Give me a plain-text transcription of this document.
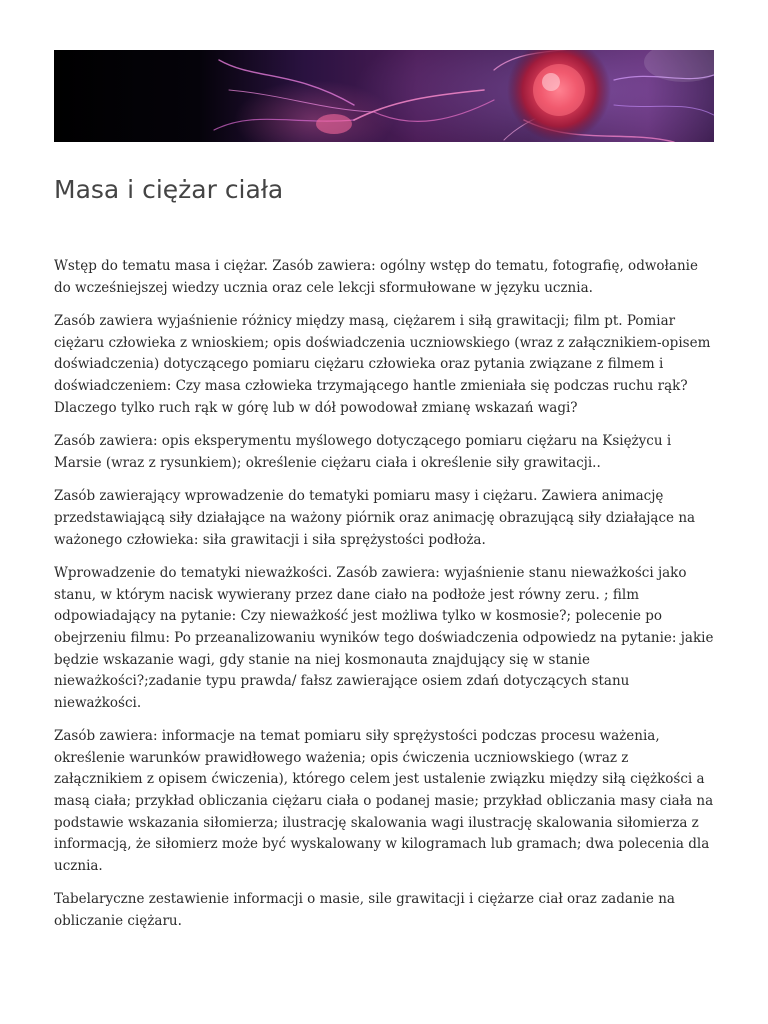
Masa i ciężar ciała

Wstęp do tematu masa i ciężar. Zasób zawiera: ogólny wstęp do tematu, fotografię, odwołanie do wcześniejszej wiedzy ucznia oraz cele lekcji sformułowane w języku ucznia.

Zasób zawiera wyjaśnienie różnicy między masą, ciężarem i siłą grawitacji; film pt. Pomiar ciężaru człowieka z wnioskiem; opis doświadczenia uczniowskiego (wraz z załącznikiem-opisem doświadczenia) dotyczącego pomiaru ciężaru człowieka oraz pytania związane z filmem i doświadczeniem: Czy masa człowieka trzymającego hantle zmieniała się podczas ruchu rąk? Dlaczego tylko ruch rąk w górę lub w dół powodował zmianę wskazań wagi?

Zasób zawiera: opis eksperymentu myślowego dotyczącego pomiaru ciężaru na Księżycu i Marsie (wraz z rysunkiem); określenie ciężaru ciała i określenie siły grawitacji..

Zasób zawierający wprowadzenie do tematyki pomiaru masy i ciężaru. Zawiera animację przedstawiającą siły działające na ważony piórnik oraz animację obrazującą siły działające na ważonego człowieka: siła grawitacji i siła sprężystości podłoża.

Wprowadzenie do tematyki nieważkości. Zasób zawiera: wyjaśnienie stanu nieważkości jako stanu, w którym nacisk wywierany przez dane ciało na podłoże jest równy zeru. ; film odpowiadający na pytanie: Czy nieważkość jest możliwa tylko w kosmosie?; polecenie po obejrzeniu filmu: Po przeanalizowaniu wyników tego doświadczenia odpowiedz na pytanie: jakie będzie wskazanie wagi, gdy stanie na niej kosmonauta znajdujący się w stanie nieważkości?;zadanie typu prawda/ fałsz zawierające osiem zdań dotyczących stanu nieważkości.

Zasób zawiera: informacje na temat pomiaru siły sprężystości podczas procesu ważenia, określenie warunków prawidłowego ważenia; opis ćwiczenia uczniowskiego (wraz z załącznikiem z opisem ćwiczenia), którego celem jest ustalenie związku między siłą ciężkości a masą ciała; przykład obliczania ciężaru ciała o podanej masie; przykład obliczania masy ciała na podstawie wskazania siłomierza; ilustrację skalowania wagi ilustrację skalowania siłomierza z informacją, że siłomierz może być wyskalowany w kilogramach lub gramach; dwa polecenia dla ucznia.

Tabelaryczne zestawienie informacji o masie, sile grawitacji i ciężarze ciał oraz zadanie na obliczanie ciężaru.
